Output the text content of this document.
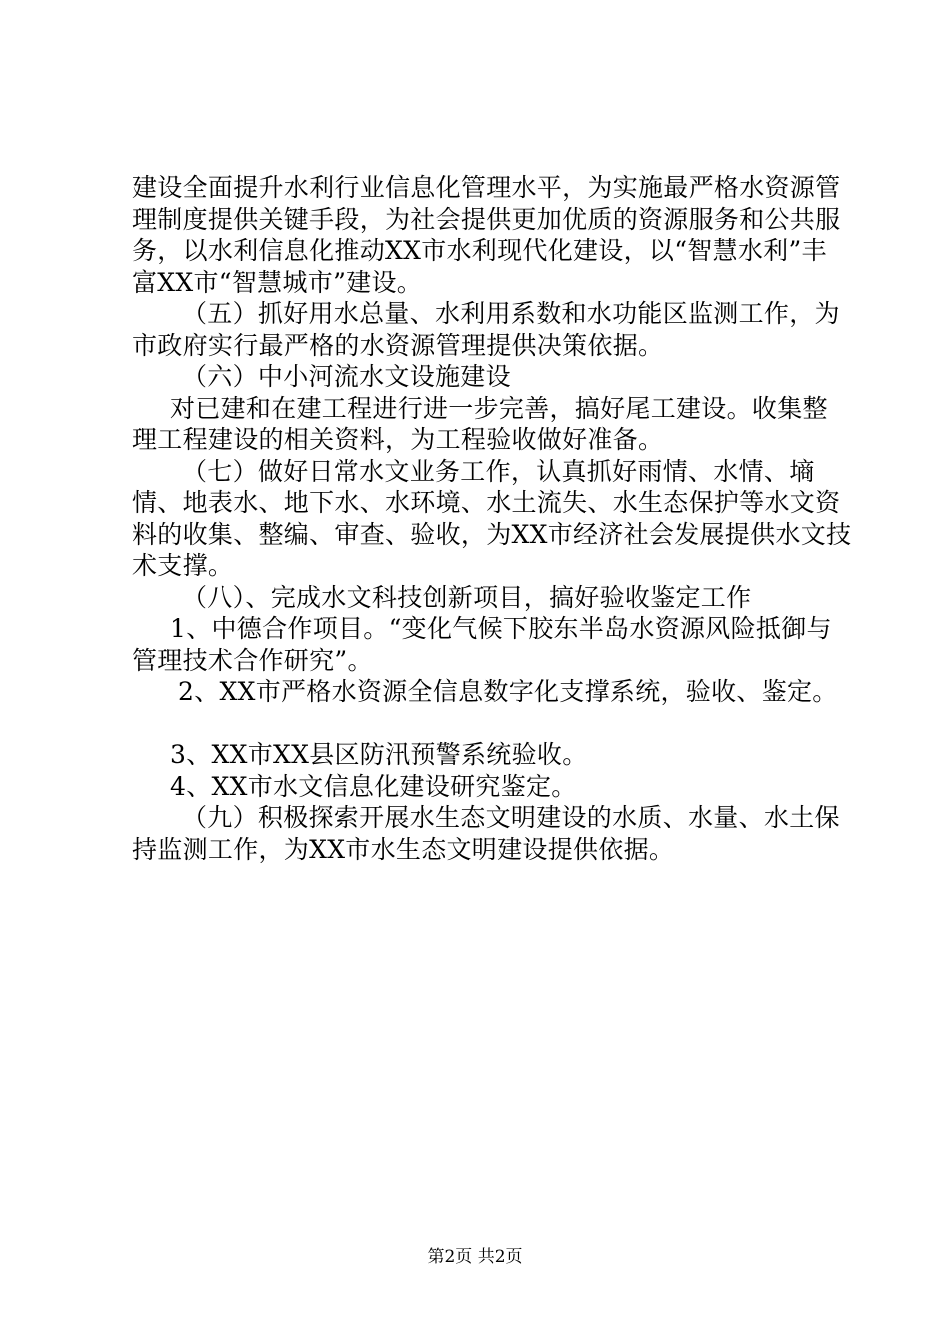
建设全面提升水利行业信息化管理水平，为实施最严格水资源管理制度提供关键手段，为社会提供更加优质的资源服务和公共服务，以水利信息化推动XX市水利现代化建设，以“智慧水利”丰富XX市“智慧城市”建设。

（五）抓好用水总量、水利用系数和水功能区监测工作，为市政府实行最严格的水资源管理提供决策依据。

（六）中小河流水文设施建设

对已建和在建工程进行进一步完善，搞好尾工建设。收集整理工程建设的相关资料，为工程验收做好准备。

（七）做好日常水文业务工作，认真抓好雨情、水情、墒情、地表水、地下水、水环境、水土流失、水生态保护等水文资料的收集、整编、审查、验收，为XX市经济社会发展提供水文技术支撑。

（八）、完成水文科技创新项目，搞好验收鉴定工作

1、中德合作项目。“变化气候下胶东半岛水资源风险抵御与管理技术合作研究”。

2、XX市严格水资源全信息数字化支撑系统，验收、鉴定。

3、XX市XX县区防汛预警系统验收。

4、XX市水文信息化建设研究鉴定。

（九）积极探索开展水生态文明建设的水质、水量、水土保持监测工作，为XX市水生态文明建设提供依据。

第2页 共2页
